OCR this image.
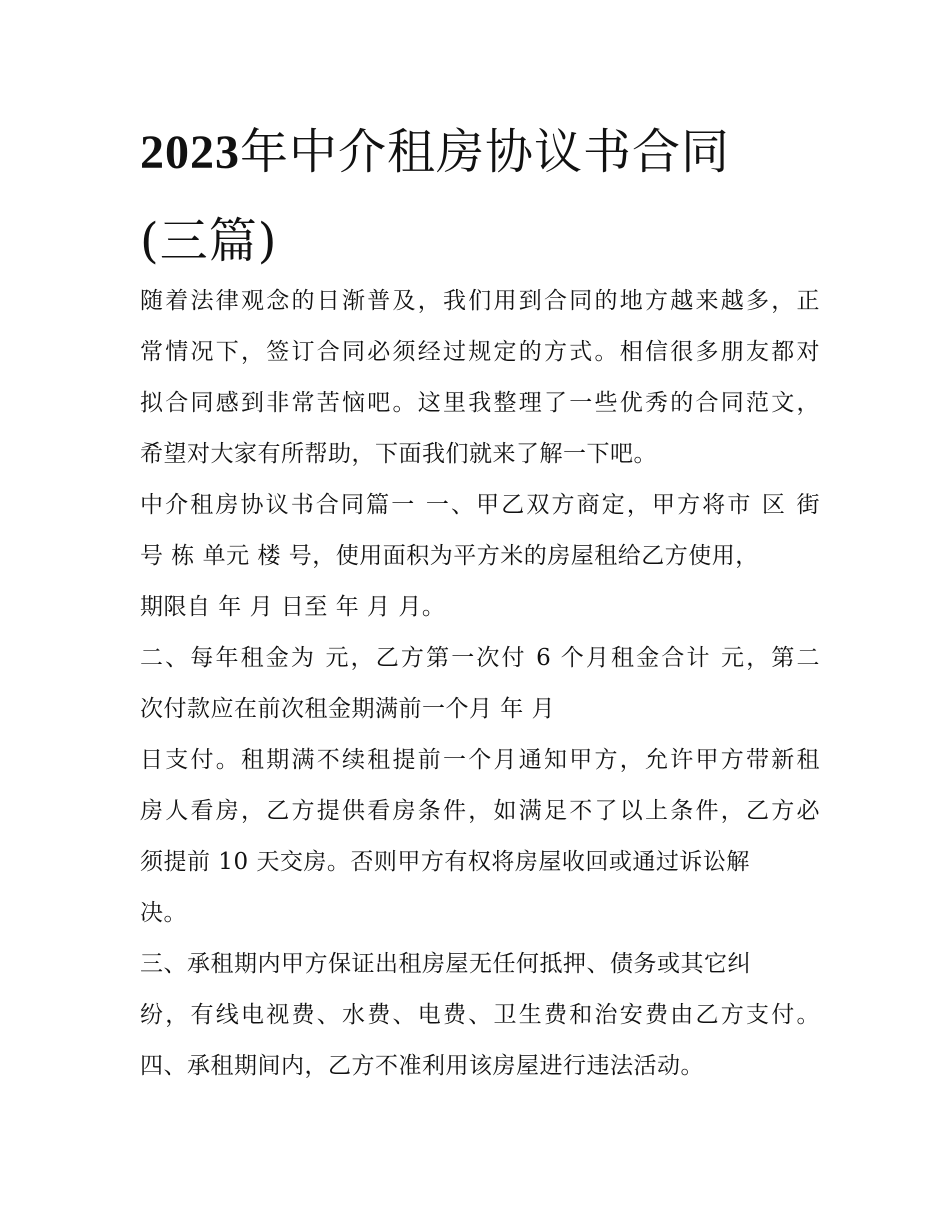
2023年中介租房协议书合同
(三篇)
随着法律观念的日渐普及，我们用到合同的地方越来越多，正
常情况下，签订合同必须经过规定的方式。相信很多朋友都对
拟合同感到非常苦恼吧。这里我整理了一些优秀的合同范文，
希望对大家有所帮助，下面我们就来了解一下吧。
中介租房协议书合同篇一 一、甲乙双方商定，甲方将市 区 街
号 栋 单元 楼 号，使用面积为平方米的房屋租给乙方使用，
期限自 年 月 日至 年 月 月。
二、每年租金为 元，乙方第一次付 6 个月租金合计 元，第二
次付款应在前次租金期满前一个月 年 月
日支付。租期满不续租提前一个月通知甲方，允许甲方带新租
房人看房，乙方提供看房条件，如满足不了以上条件，乙方必
须提前 10 天交房。否则甲方有权将房屋收回或通过诉讼解
决。
三、承租期内甲方保证出租房屋无任何抵押、债务或其它纠
纷，有线电视费、水费、电费、卫生费和治安费由乙方支付。
四、承租期间内，乙方不准利用该房屋进行违法活动。
